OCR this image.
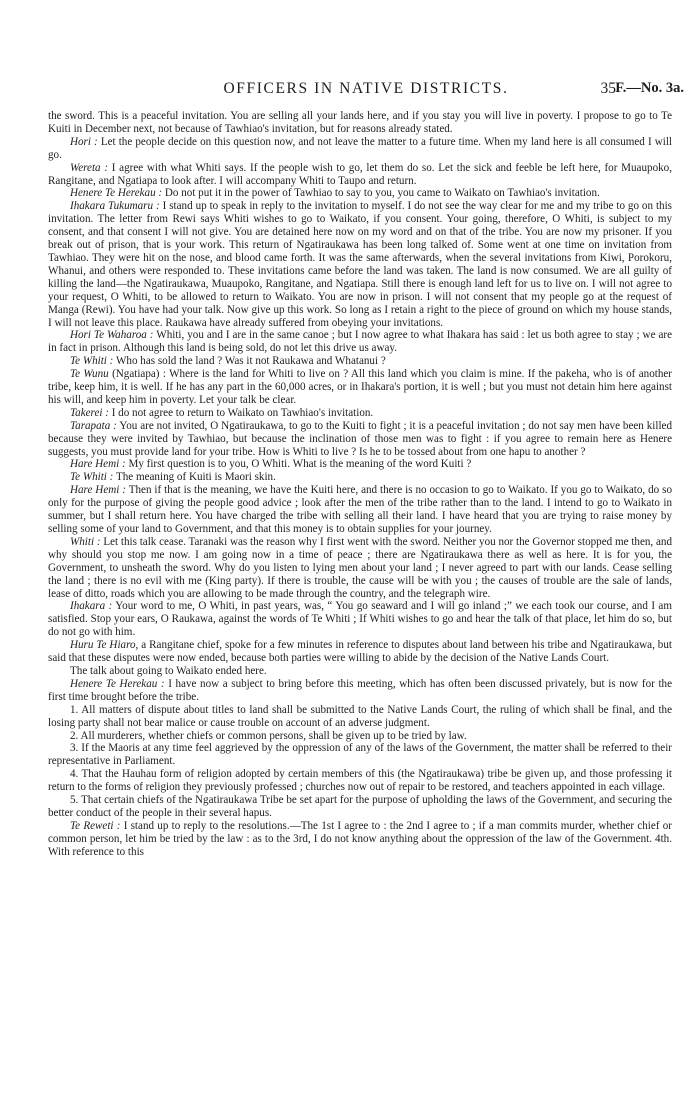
OFFICERS IN NATIVE DISTRICTS.	35 F.—No. 3a.

the sword. This is a peaceful invitation. You are selling all your lands here, and if you stay you will live in poverty. I propose to go to Te Kuiti in December next, not because of Tawhiao's invitation, but for reasons already stated.

Hori : Let the people decide on this question now, and not leave the matter to a future time. When my land here is all consumed I will go.

Wereta : I agree with what Whiti says. If the people wish to go, let them do so. Let the sick and feeble be left here, for Muaupoko, Rangitane, and Ngatiapa to look after. I will accompany Whiti to Taupo and return.

Henere Te Herekau : Do not put it in the power of Tawhiao to say to you, you came to Waikato on Tawhiao's invitation.

Ihakara Tukumaru : I stand up to speak in reply to the invitation to myself. I do not see the way clear for me and my tribe to go on this invitation. The letter from Rewi says Whiti wishes to go to Waikato, if you consent. Your going, therefore, O Whiti, is subject to my consent, and that consent I will not give. You are detained here now on my word and on that of the tribe. You are now my prisoner. If you break out of prison, that is your work. This return of Ngatiraukawa has been long talked of. Some went at one time on invitation from Tawhiao. They were hit on the nose, and blood came forth. It was the same afterwards, when the several invitations from Kiwi, Porokoru, Whanui, and others were responded to. These invitations came before the land was taken. The land is now consumed. We are all guilty of killing the land—the Ngatiraukawa, Muaupoko, Rangitane, and Ngatiapa. Still there is enough land left for us to live on. I will not agree to your request, O Whiti, to be allowed to return to Waikato. You are now in prison. I will not consent that my people go at the request of Manga (Rewi). You have had your talk. Now give up this work. So long as I retain a right to the piece of ground on which my house stands, I will not leave this place. Raukawa have already suffered from obeying your invitations.

Hori Te Waharoa : Whiti, you and I are in the same canoe ; but I now agree to what Ihakara has said : let us both agree to stay ; we are in fact in prison. Although this land is being sold, do not let this drive us away.

Te Whiti : Who has sold the land ? Was it not Raukawa and Whatanui ?

Te Wunu (Ngatiapa) : Where is the land for Whiti to live on ? All this land which you claim is mine. If the pakeha, who is of another tribe, keep him, it is well. If he has any part in the 60,000 acres, or in Ihakara's portion, it is well ; but you must not detain him here against his will, and keep him in poverty. Let your talk be clear.

Takerei : I do not agree to return to Waikato on Tawhiao's invitation.

Tarapata : You are not invited, O Ngatiraukawa, to go to the Kuiti to fight ; it is a peaceful invitation ; do not say men have been killed because they were invited by Tawhiao, but because the inclination of those men was to fight : if you agree to remain here as Henere suggests, you must provide land for your tribe. How is Whiti to live ? Is he to be tossed about from one hapu to another ?

Hare Hemi : My first question is to you, O Whiti. What is the meaning of the word Kuiti ?

Te Whiti : The meaning of Kuiti is Maori skin.

Hare Hemi : Then if that is the meaning, we have the Kuiti here, and there is no occasion to go to Waikato. If you go to Waikato, do so only for the purpose of giving the people good advice ; look after the men of the tribe rather than to the land. I intend to go to Waikato in summer, but I shall return here. You have charged the tribe with selling all their land. I have heard that you are trying to raise money by selling some of your land to Government, and that this money is to obtain supplies for your journey.

Whiti : Let this talk cease. Taranaki was the reason why I first went with the sword. Neither you nor the Governor stopped me then, and why should you stop me now. I am going now in a time of peace ; there are Ngatiraukawa there as well as here. It is for you, the Government, to unsheath the sword. Why do you listen to lying men about your land ; I never agreed to part with our lands. Cease selling the land ; there is no evil with me (King party). If there is trouble, the cause will be with you ; the causes of trouble are the sale of lands, lease of ditto, roads which you are allowing to be made through the country, and the telegraph wire.

Ihakara : Your word to me, O Whiti, in past years, was, “ You go seaward and I will go inland ;” we each took our course, and I am satisfied. Stop your ears, O Raukawa, against the words of Te Whiti ; If Whiti wishes to go and hear the talk of that place, let him do so, but do not go with him.

Huru Te Hiaro, a Rangitane chief, spoke for a few minutes in reference to disputes about land between his tribe and Ngatiraukawa, but said that these disputes were now ended, because both parties were willing to abide by the decision of the Native Lands Court.

The talk about going to Waikato ended here.

Henere Te Herekau : I have now a subject to bring before this meeting, which has often been discussed privately, but is now for the first time brought before the tribe.

1. All matters of dispute about titles to land shall be submitted to the Native Lands Court, the ruling of which shall be final, and the losing party shall not bear malice or cause trouble on account of an adverse judgment.

2. All murderers, whether chiefs or common persons, shall be given up to be tried by law.

3. If the Maoris at any time feel aggrieved by the oppression of any of the laws of the Government, the matter shall be referred to their representative in Parliament.

4. That the Hauhau form of religion adopted by certain members of this (the Ngatiraukawa) tribe be given up, and those professing it return to the forms of religion they previously professed ; churches now out of repair to be restored, and teachers appointed in each village.

5. That certain chiefs of the Ngatiraukawa Tribe be set apart for the purpose of upholding the laws of the Government, and securing the better conduct of the people in their several hapus.

Te Reweti : I stand up to reply to the resolutions.—The 1st I agree to : the 2nd I agree to ; if a man commits murder, whether chief or common person, let him be tried by the law : as to the 3rd, I do not know anything about the oppression of the law of the Government. 4th. With reference to this
